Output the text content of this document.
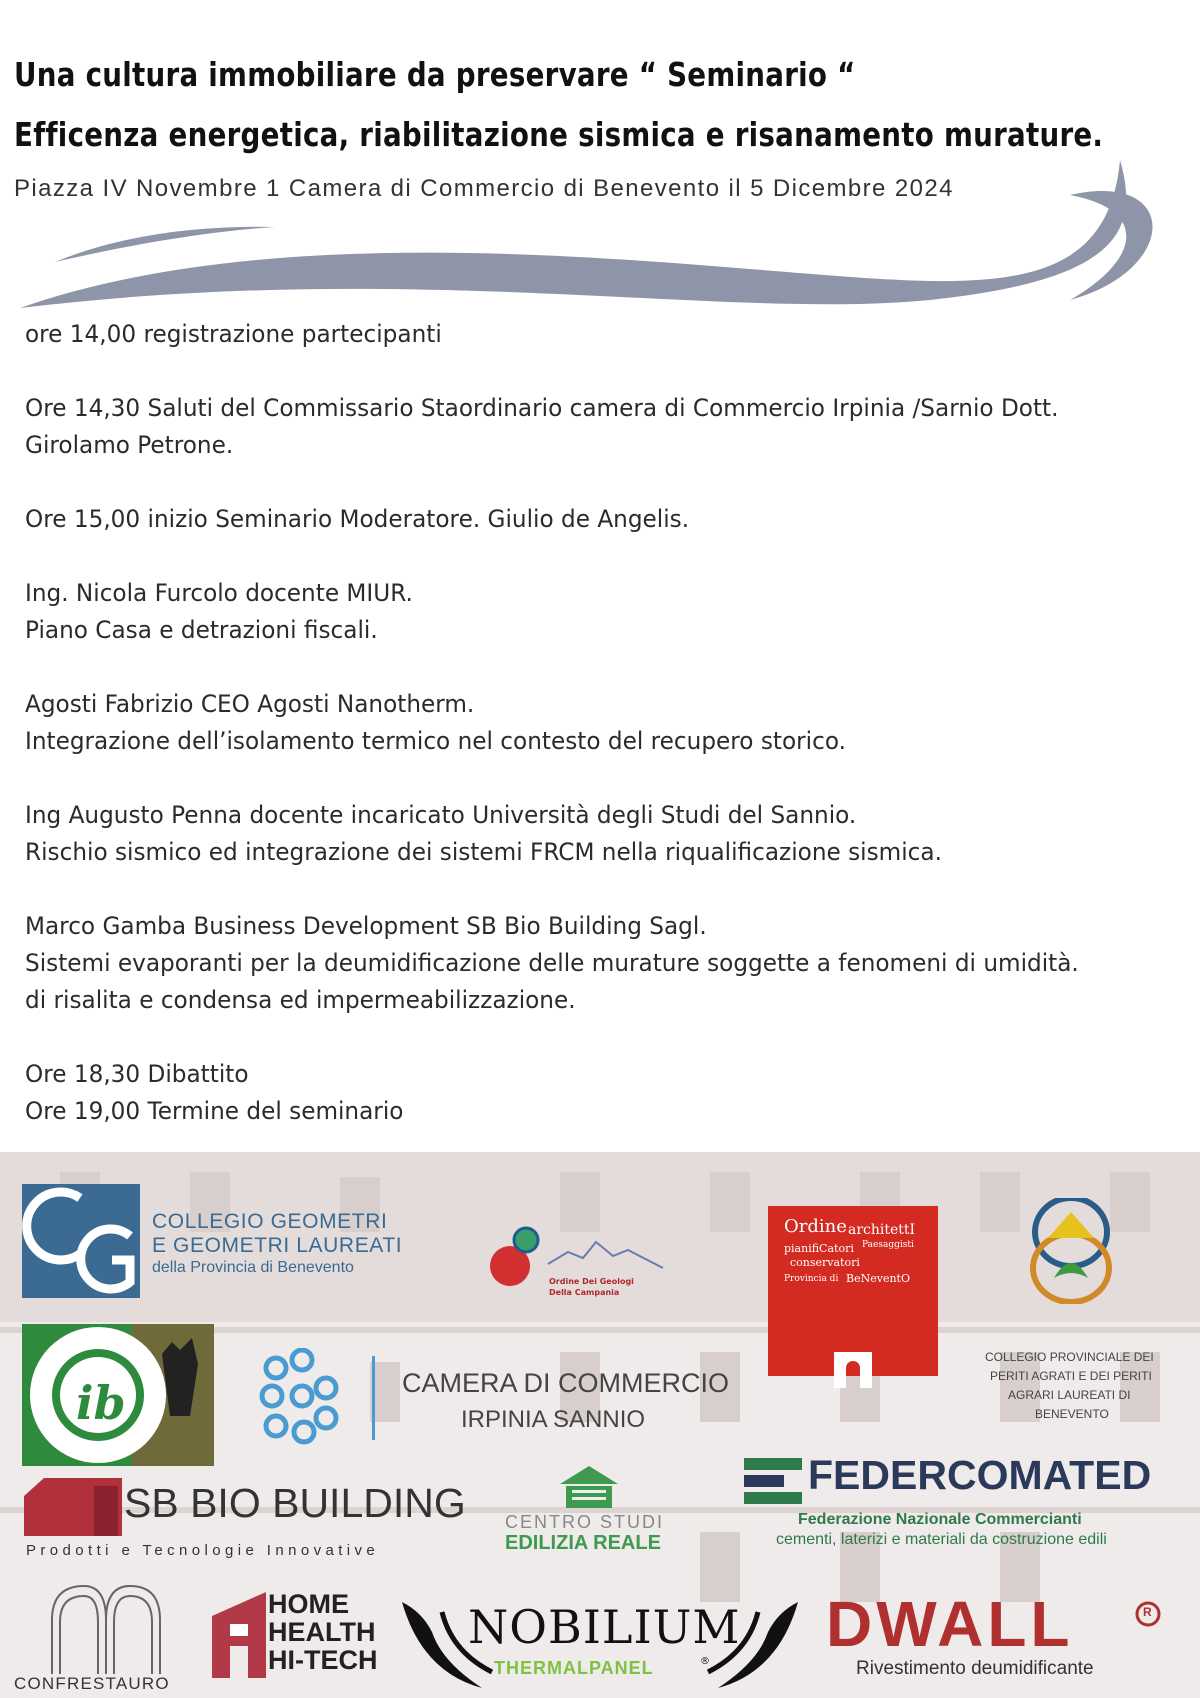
Una cultura immobiliare da preservare “ Seminario “
Efficenza energetica, riabilitazione sismica e risanamento murature.
Piazza IV Novembre 1 Camera di Commercio di Benevento il 5 Dicembre 2024
ore 14,00 registrazione partecipanti
Ore 14,30 Saluti del Commissario Staordinario camera di Commercio Irpinia /Sarnio Dott.
Girolamo Petrone.
Ore 15,00 inizio Seminario Moderatore. Giulio de Angelis.
Ing. Nicola Furcolo docente MIUR.
Piano Casa e detrazioni fiscali.
Agosti Fabrizio CEO Agosti Nanotherm.
Integrazione dell’isolamento termico nel contesto del recupero storico.
Ing Augusto Penna docente incaricato Università degli Studi del Sannio.
Rischio sismico ed integrazione dei sistemi FRCM nella riqualificazione sismica.
Marco Gamba Business Development SB Bio Building Sagl.
Sistemi evaporanti per la deumidificazione delle murature soggette a fenomeni di umidità.
di risalita e condensa ed impermeabilizzazione.
Ore 18,30 Dibattito
Ore 19,00 Termine del seminario
COLLEGIO GEOMETRI
E GEOMETRI LAUREATI
della Provincia di Benevento
Ordine Dei Geologi
Della Campania
Ordine architettI
pianifiCatori Paesaggisti
conservatori
Provincia di BeNeventO
COLLEGIO PROVINCIALE DEI
PERITI AGRATI E DEI PERITI
AGRARI LAUREATI DI
BENEVENTO
ib	CAMERA DI COMMERCIO
IRPINIA SANNIO
SB BIO BUILDING
Prodotti e Tecnologie Innovative
CENTRO STUDI
EDILIZIA REALE
FEDERCOMATED
Federazione Nazionale Commercianti
cementi, laterizi e materiali da costruzione edili
CONFRESTAURO
HOME
HEALTH
HI-TECH
NOBILIUM
THERMALPANEL	®
DWALL	R
Rivestimento deumidificante
